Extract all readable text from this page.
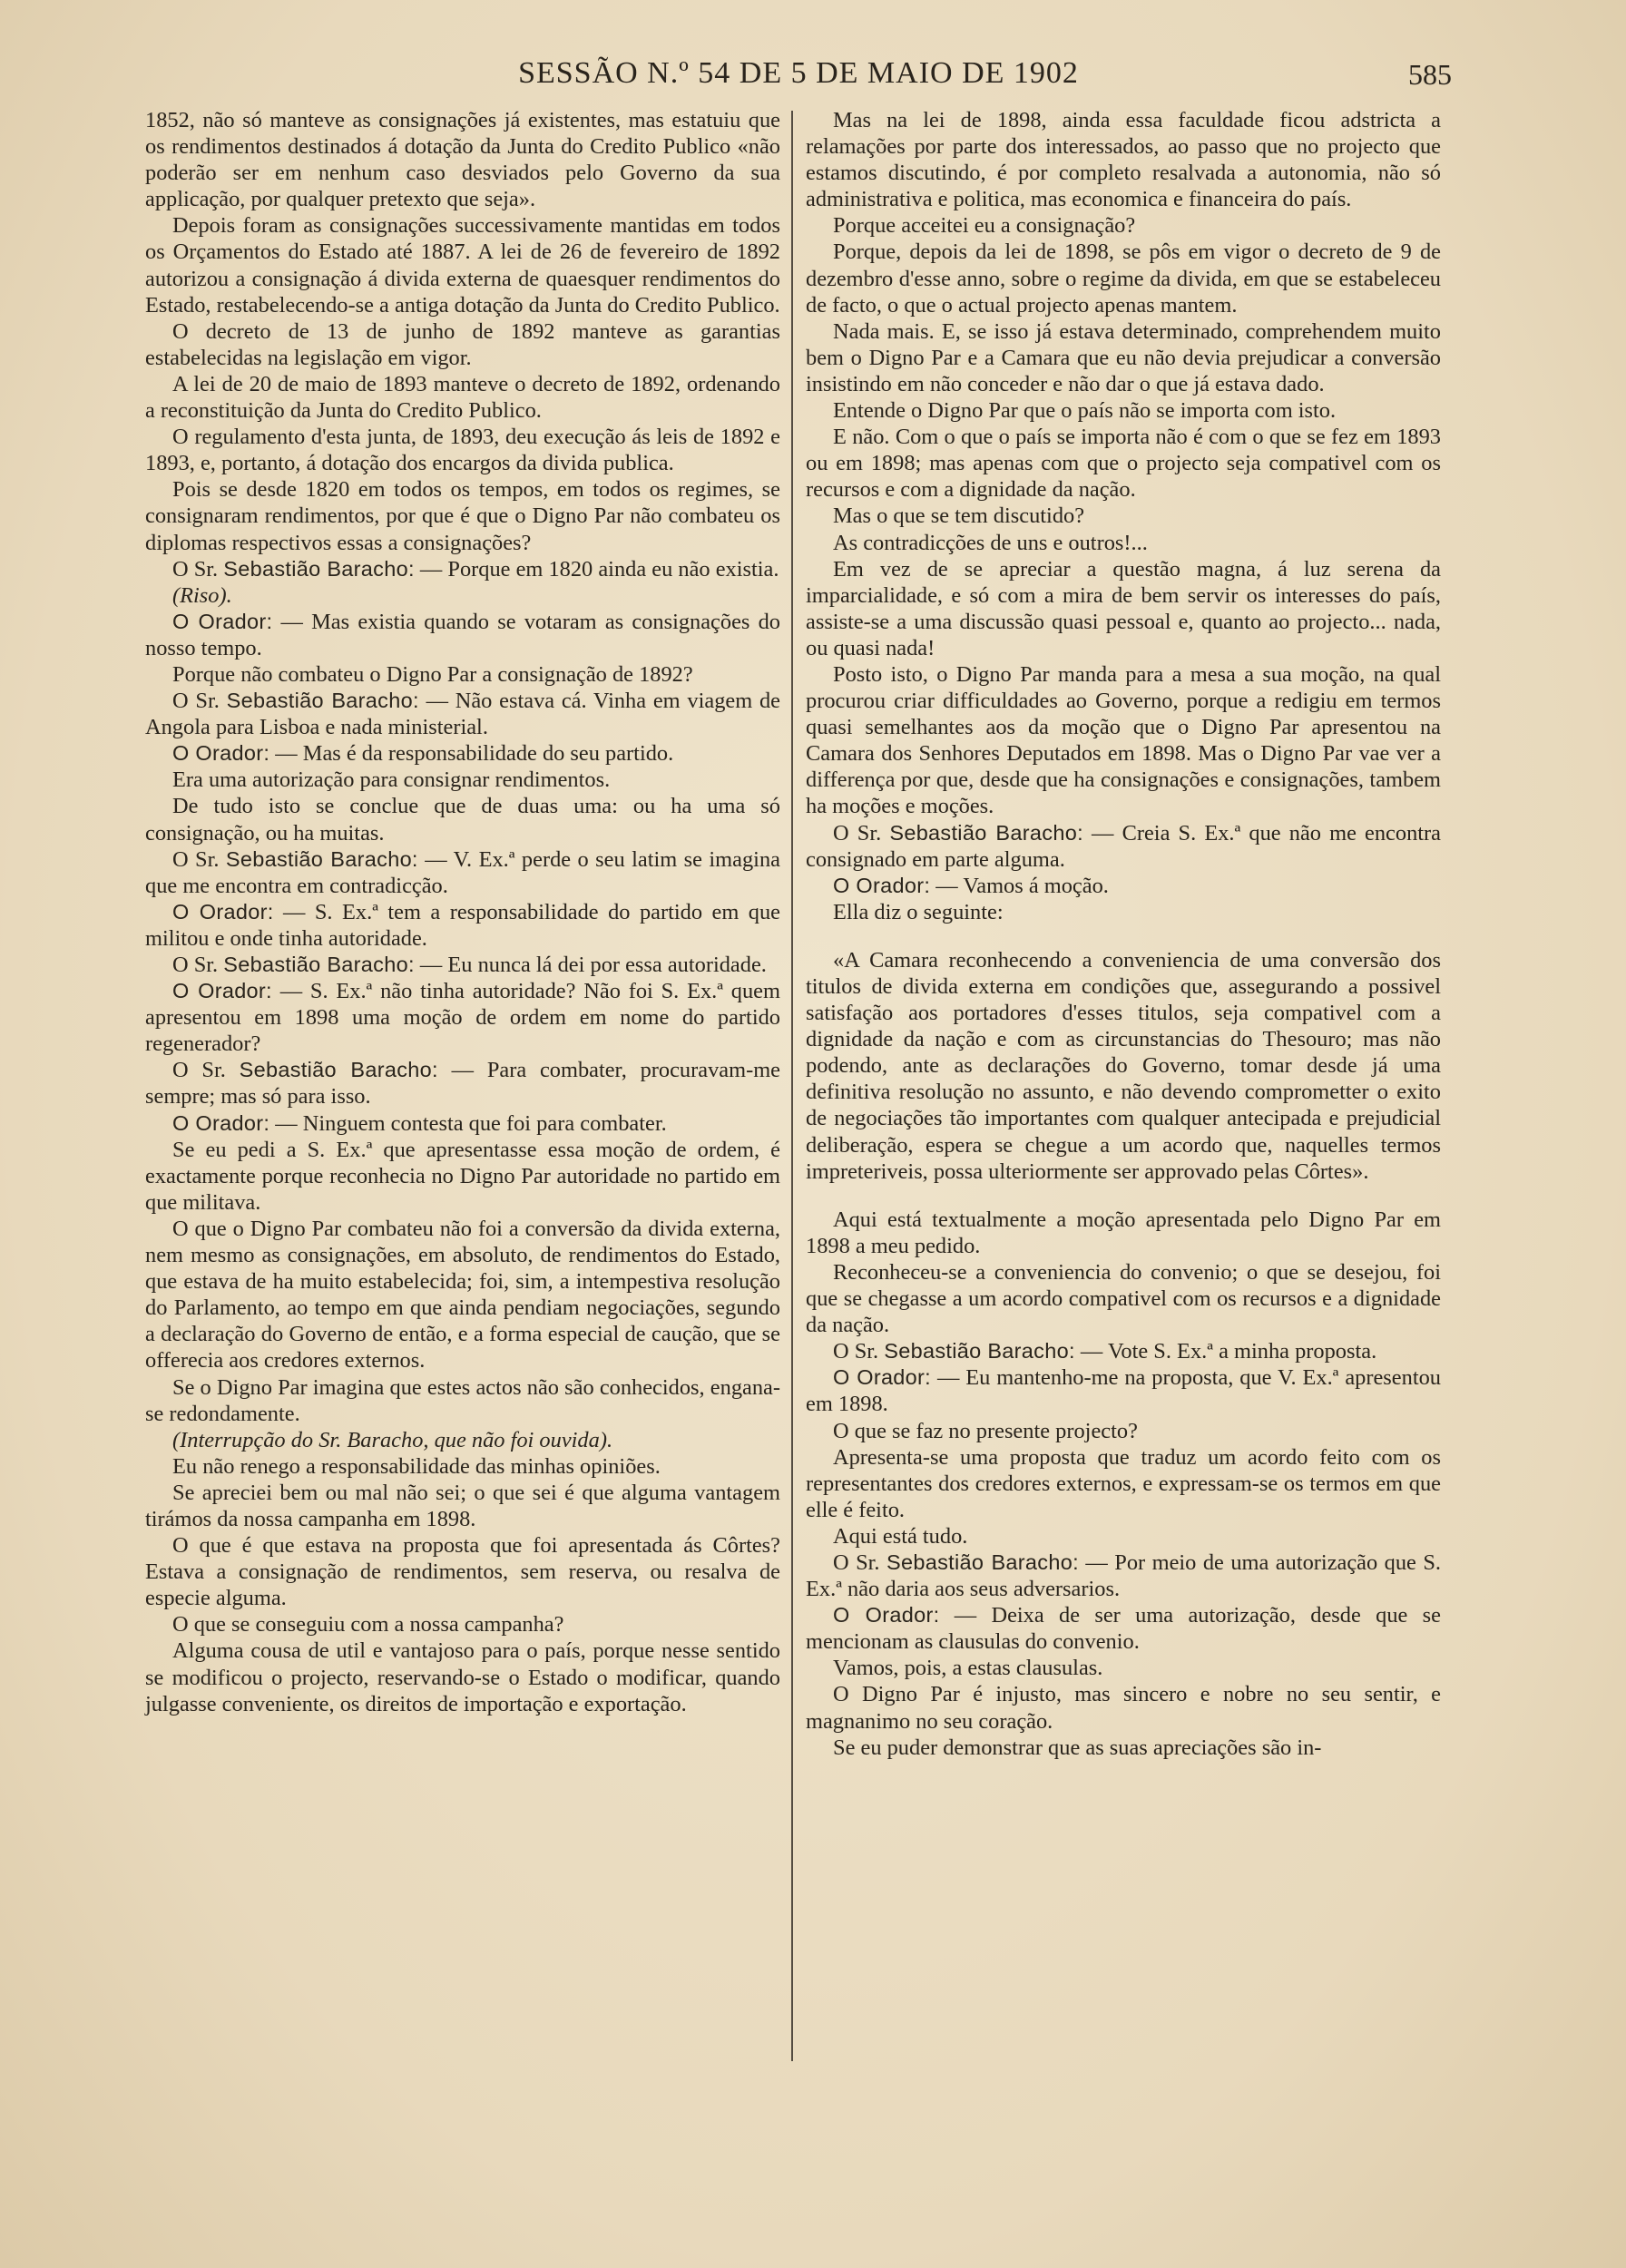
SESSÃO N.º 54 DE 5 DE MAIO DE 1902	585

1852, não só manteve as consignações já existentes, mas estatuiu que os rendimentos destinados á dotação da Junta do Credito Publico «não poderão ser em nenhum caso desviados pelo Governo da sua applicação, por qualquer pretexto que seja».

Depois foram as consignações successivamente mantidas em todos os Orçamentos do Estado até 1887. A lei de 26 de fevereiro de 1892 autorizou a consignação á divida externa de quaesquer rendimentos do Estado, restabelecendo-se a antiga dotação da Junta do Credito Publico.

O decreto de 13 de junho de 1892 manteve as garantias estabelecidas na legislação em vigor.

A lei de 20 de maio de 1893 manteve o decreto de 1892, ordenando a reconstituição da Junta do Credito Publico.

O regulamento d'esta junta, de 1893, deu execução ás leis de 1892 e 1893, e, portanto, á dotação dos encargos da divida publica.

Pois se desde 1820 em todos os tempos, em todos os regimes, se consignaram rendimentos, por que é que o Digno Par não combateu os diplomas respectivos essas a consignações?

O Sr. Sebastião Baracho: — Porque em 1820 ainda eu não existia.

(Riso).

O Orador: — Mas existia quando se votaram as consignações do nosso tempo.

Porque não combateu o Digno Par a consignação de 1892?

O Sr. Sebastião Baracho: — Não estava cá. Vinha em viagem de Angola para Lisboa e nada ministerial.

O Orador: — Mas é da responsabilidade do seu partido.

Era uma autorização para consignar rendimentos.

De tudo isto se conclue que de duas uma: ou ha uma só consignação, ou ha muitas.

O Sr. Sebastião Baracho: — V. Ex.ª perde o seu latim se imagina que me encontra em contradicção.

O Orador: — S. Ex.ª tem a responsabilidade do partido em que militou e onde tinha autoridade.

O Sr. Sebastião Baracho: — Eu nunca lá dei por essa autoridade.

O Orador: — S. Ex.ª não tinha autoridade? Não foi S. Ex.ª quem apresentou em 1898 uma moção de ordem em nome do partido regenerador?

O Sr. Sebastião Baracho: — Para combater, procuravam-me sempre; mas só para isso.

O Orador: — Ninguem contesta que foi para combater.

Se eu pedi a S. Ex.ª que apresentasse essa moção de ordem, é exactamente porque reconhecia no Digno Par autoridade no partido em que militava.

O que o Digno Par combateu não foi a conversão da divida externa, nem mesmo as consignações, em absoluto, de rendimentos do Estado, que estava de ha muito estabelecida; foi, sim, a intempestiva resolução do Parlamento, ao tempo em que ainda pendiam negociações, segundo a declaração do Governo de então, e a forma especial de caução, que se offerecia aos credores externos.

Se o Digno Par imagina que estes actos não são conhecidos, engana-se redondamente.

(Interrupção do Sr. Baracho, que não foi ouvida).

Eu não renego a responsabilidade das minhas opiniões.

Se apreciei bem ou mal não sei; o que sei é que alguma vantagem tirámos da nossa campanha em 1898.

O que é que estava na proposta que foi apresentada ás Côrtes? Estava a consignação de rendimentos, sem reserva, ou resalva de especie alguma.

O que se conseguiu com a nossa campanha?

Alguma cousa de util e vantajoso para o país, porque nesse sentido se modificou o projecto, reservando-se o Estado o modificar, quando julgasse conveniente, os direitos de importação e exportação.

Mas na lei de 1898, ainda essa faculdade ficou adstricta a relamações por parte dos interessados, ao passo que no projecto que estamos discutindo, é por completo resalvada a autonomia, não só administrativa e politica, mas economica e financeira do país.

Porque acceitei eu a consignação?

Porque, depois da lei de 1898, se pôs em vigor o decreto de 9 de dezembro d'esse anno, sobre o regime da divida, em que se estabeleceu de facto, o que o actual projecto apenas mantem.

Nada mais. E, se isso já estava determinado, comprehendem muito bem o Digno Par e a Camara que eu não devia prejudicar a conversão insistindo em não conceder e não dar o que já estava dado.

Entende o Digno Par que o país não se importa com isto.

E não. Com o que o país se importa não é com o que se fez em 1893 ou em 1898; mas apenas com que o projecto seja compativel com os recursos e com a dignidade da nação.

Mas o que se tem discutido?

As contradicções de uns e outros!...

Em vez de se apreciar a questão magna, á luz serena da imparcialidade, e só com a mira de bem servir os interesses do país, assiste-se a uma discussão quasi pessoal e, quanto ao projecto... nada, ou quasi nada!

Posto isto, o Digno Par manda para a mesa a sua moção, na qual procurou criar difficuldades ao Governo, porque a redigiu em termos quasi semelhantes aos da moção que o Digno Par apresentou na Camara dos Senhores Deputados em 1898. Mas o Digno Par vae ver a differença por que, desde que ha consignações e consignações, tambem ha moções e moções.

O Sr. Sebastião Baracho: — Creia S. Ex.ª que não me encontra consignado em parte alguma.

O Orador: — Vamos á moção.

Ella diz o seguinte:

«A Camara reconhecendo a conveniencia de uma conversão dos titulos de divida externa em condições que, assegurando a possivel satisfação aos portadores d'esses titulos, seja compativel com a dignidade da nação e com as circunstancias do Thesouro; mas não podendo, ante as declarações do Governo, tomar desde já uma definitiva resolução no assunto, e não devendo comprometter o exito de negociações tão importantes com qualquer antecipada e prejudicial deliberação, espera se chegue a um acordo que, naquelles termos impreteriveis, possa ulteriormente ser approvado pelas Côrtes».

Aqui está textualmente a moção apresentada pelo Digno Par em 1898 a meu pedido.

Reconheceu-se a conveniencia do convenio; o que se desejou, foi que se chegasse a um acordo compativel com os recursos e a dignidade da nação.

O Sr. Sebastião Baracho: — Vote S. Ex.ª a minha proposta.

O Orador: — Eu mantenho-me na proposta, que V. Ex.ª apresentou em 1898.

O que se faz no presente projecto?

Apresenta-se uma proposta que traduz um acordo feito com os representantes dos credores externos, e expressam-se os termos em que elle é feito.

Aqui está tudo.

O Sr. Sebastião Baracho: — Por meio de uma autorização que S. Ex.ª não daria aos seus adversarios.

O Orador: — Deixa de ser uma autorização, desde que se mencionam as clausulas do convenio.

Vamos, pois, a estas clausulas.

O Digno Par é injusto, mas sincero e nobre no seu sentir, e magnanimo no seu coração.

Se eu puder demonstrar que as suas apreciações são in-
